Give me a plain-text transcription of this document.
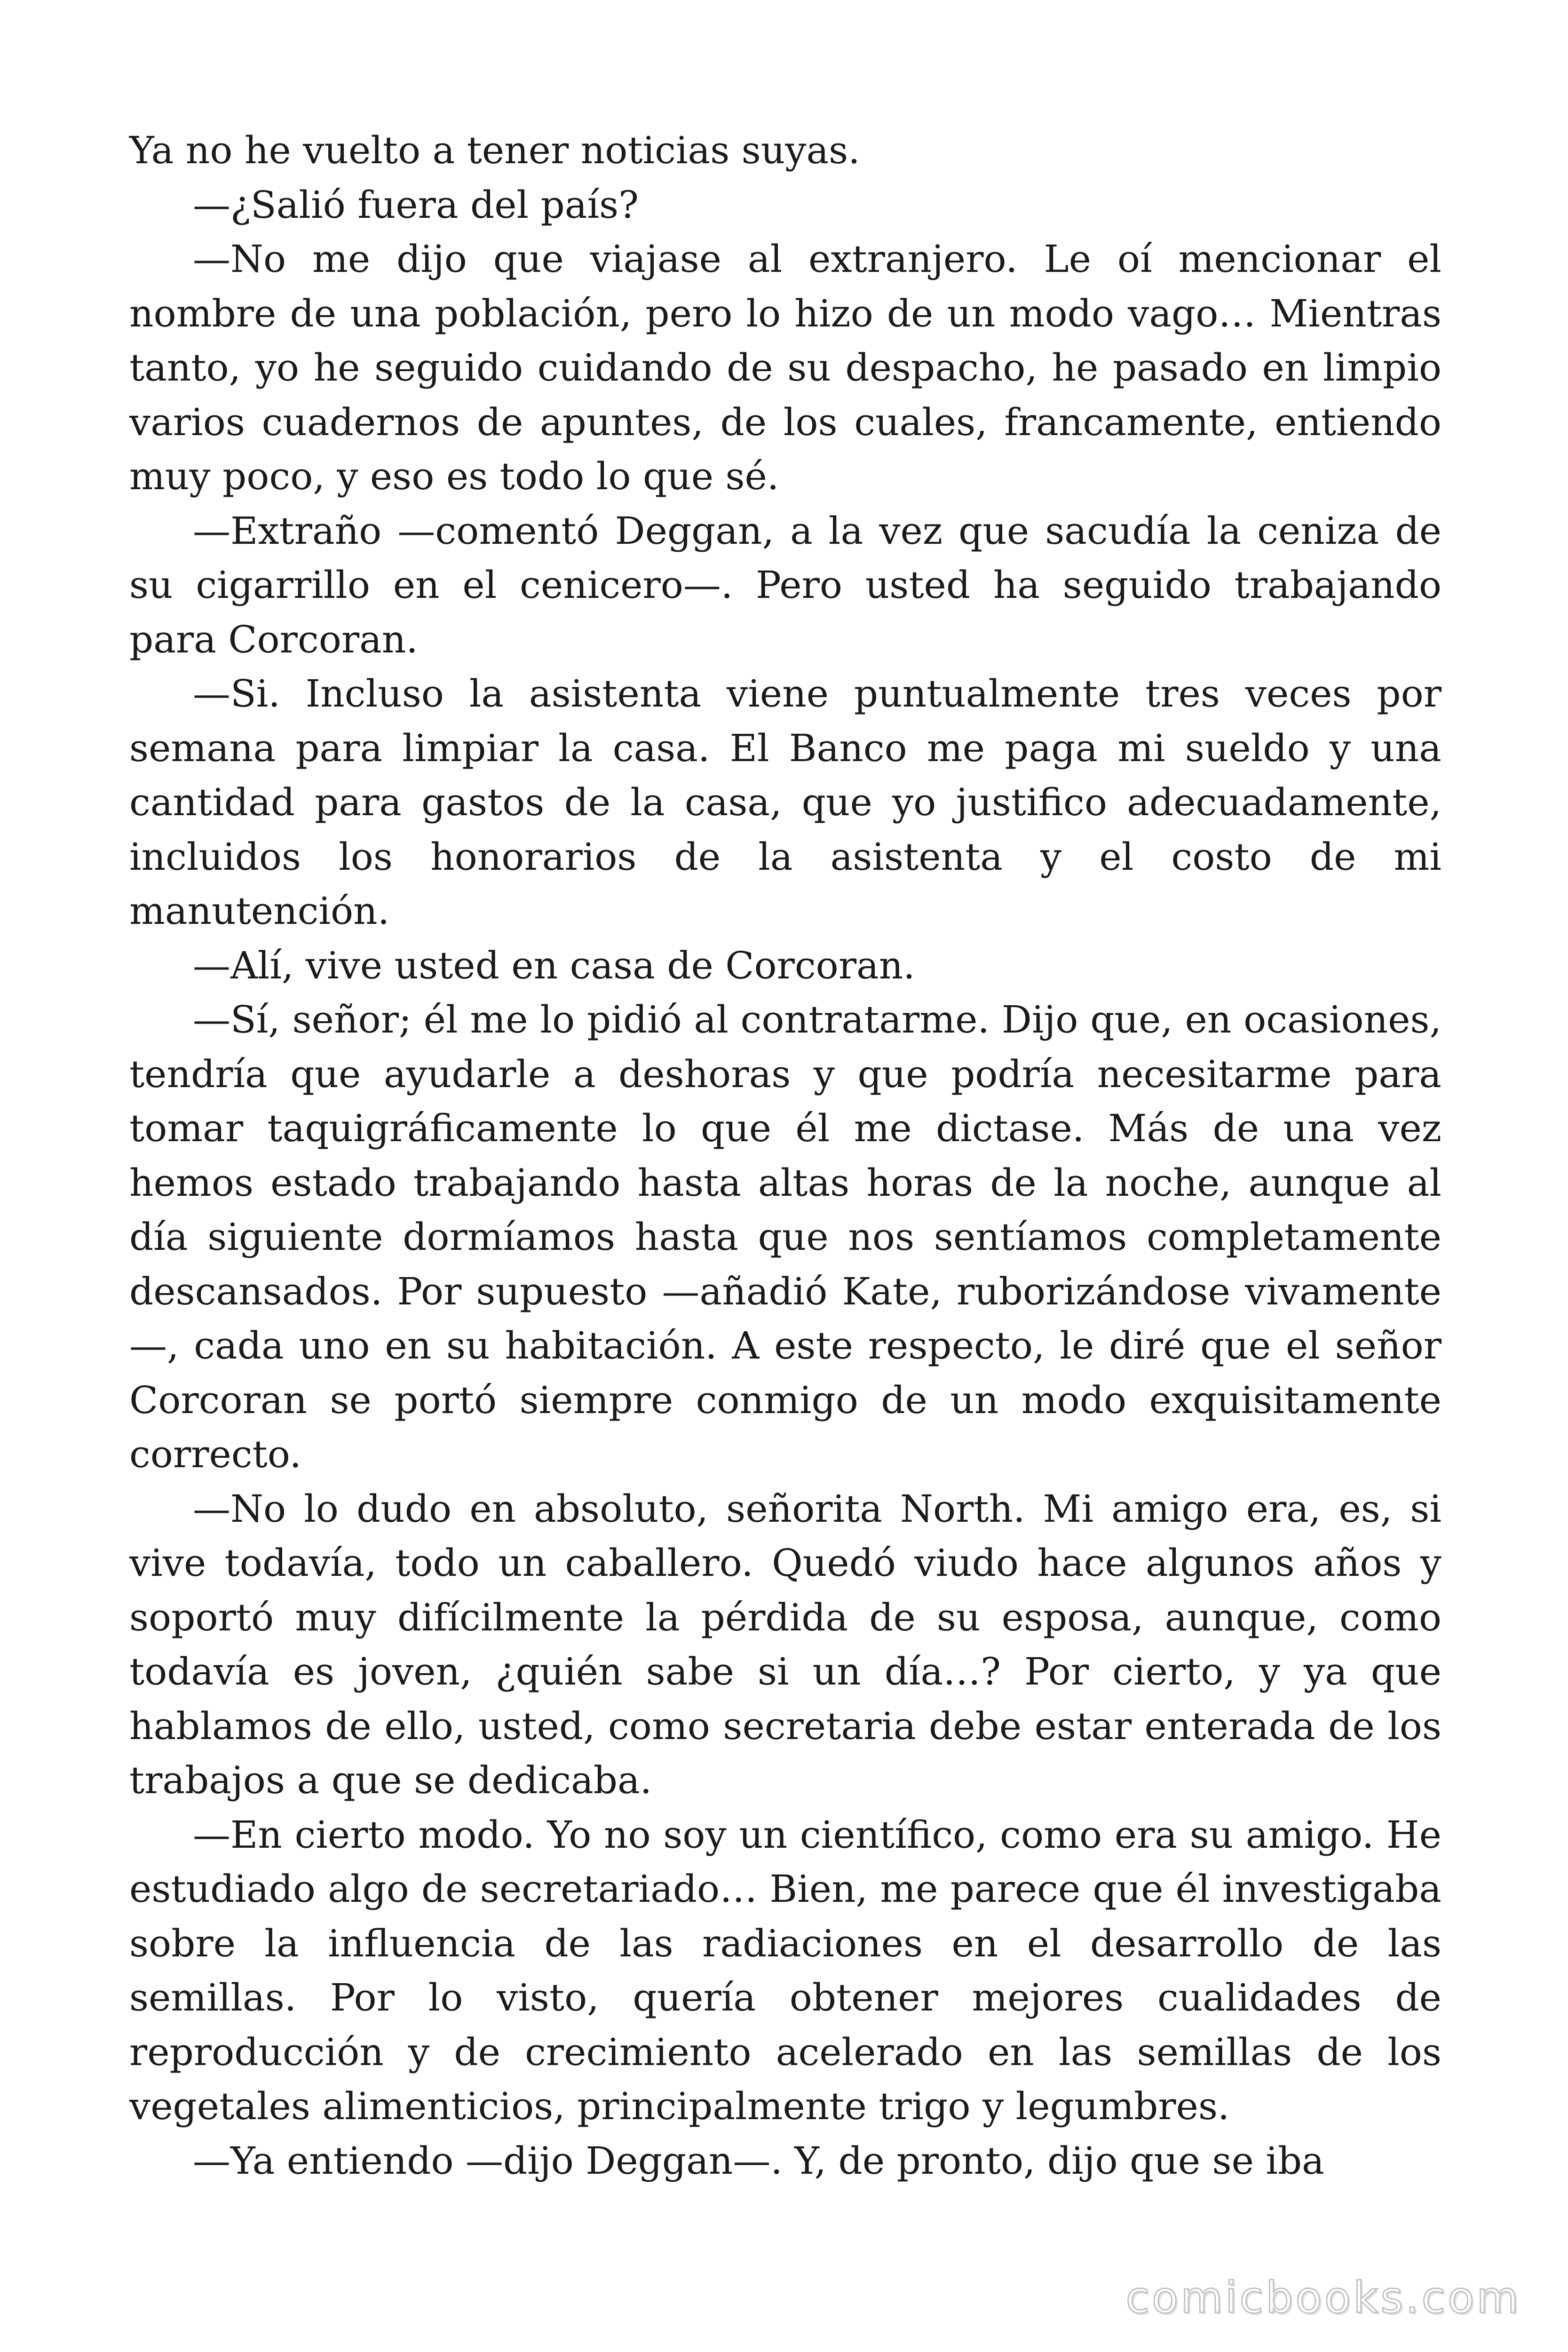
Ya no he vuelto a tener noticias suyas.

—¿Salió fuera del país?

—No me dijo que viajase al extranjero. Le oí mencionar el nombre de una población, pero lo hizo de un modo vago… Mientras tanto, yo he seguido cuidando de su despacho, he pasado en limpio varios cuadernos de apuntes, de los cuales, francamente, entiendo muy poco, y eso es todo lo que sé.

—Extraño —comentó Deggan, a la vez que sacudía la ceniza de su cigarrillo en el cenicero—. Pero usted ha seguido trabajando para Corcoran.

—Si. Incluso la asistenta viene puntualmente tres veces por semana para limpiar la casa. El Banco me paga mi sueldo y una cantidad para gastos de la casa, que yo justifico adecuadamente, incluidos los honorarios de la asistenta y el costo de mi manutención.

—Alí, vive usted en casa de Corcoran.

—Sí, señor; él me lo pidió al contratarme. Dijo que, en ocasiones, tendría que ayudarle a deshoras y que podría necesitarme para tomar taquigráficamente lo que él me dictase. Más de una vez hemos estado trabajando hasta altas horas de la noche, aunque al día siguiente dormíamos hasta que nos sentíamos completamente descansados. Por supuesto —añadió Kate, ruborizándose vivamente—, cada uno en su habitación. A este respecto, le diré que el señor Corcoran se portó siempre conmigo de un modo exquisitamente correcto.

—No lo dudo en absoluto, señorita North. Mi amigo era, es, si vive todavía, todo un caballero. Quedó viudo hace algunos años y soportó muy difícilmente la pérdida de su esposa, aunque, como todavía es joven, ¿quién sabe si un día…? Por cierto, y ya que hablamos de ello, usted, como secretaria debe estar enterada de los trabajos a que se dedicaba.

—En cierto modo. Yo no soy un científico, como era su amigo. He estudiado algo de secretariado… Bien, me parece que él investigaba sobre la influencia de las radiaciones en el desarrollo de las semillas. Por lo visto, quería obtener mejores cualidades de reproducción y de crecimiento acelerado en las semillas de los vegetales alimenticios, principalmente trigo y legumbres.

—Ya entiendo —dijo Deggan—. Y, de pronto, dijo que se iba

comicbooks.com
